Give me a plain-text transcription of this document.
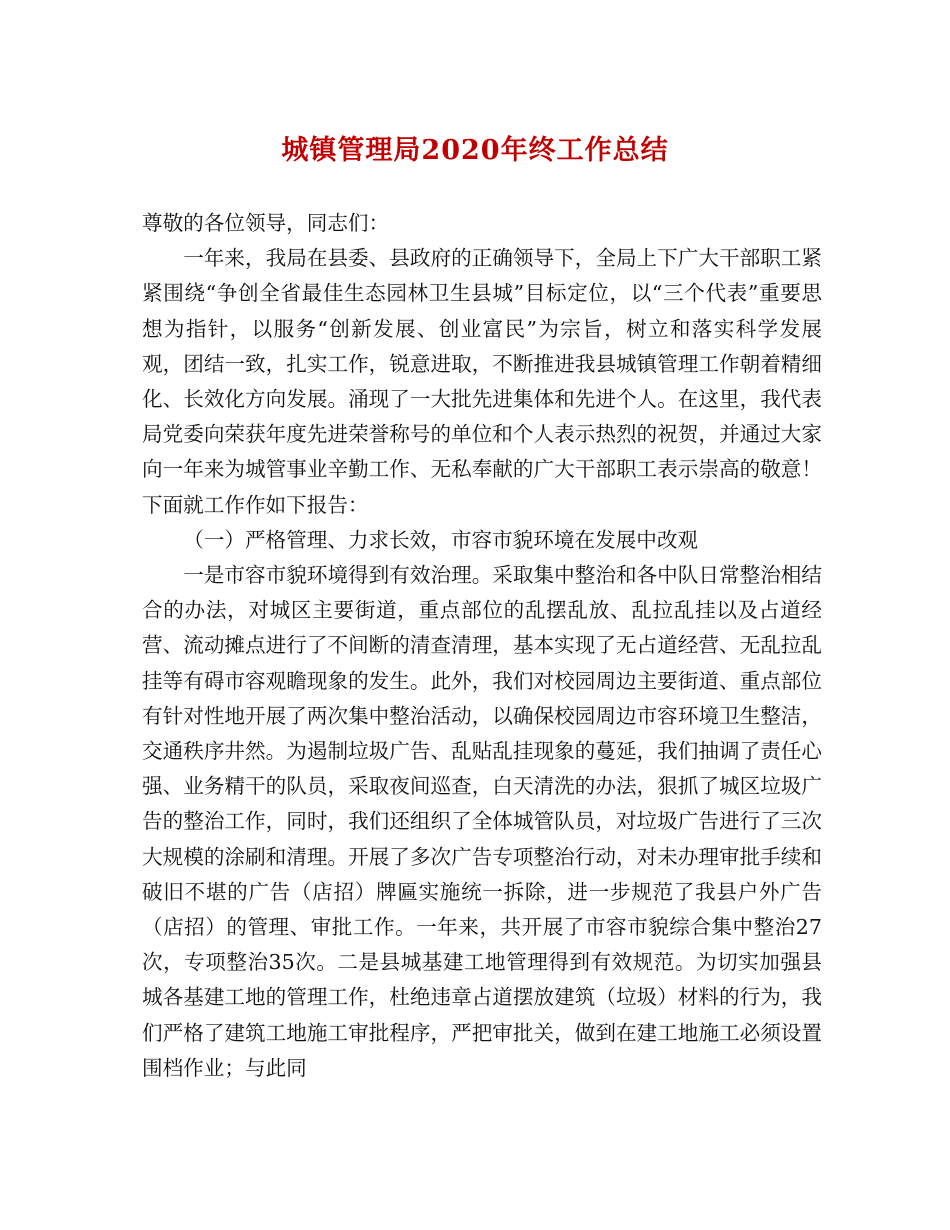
城镇管理局2020年终工作总结

尊敬的各位领导，同志们：

一年来，我局在县委、县政府的正确领导下，全局上下广大干部职工紧紧围绕“争创全省最佳生态园林卫生县城”目标定位，以“三个代表”重要思想为指针，以服务“创新发展、创业富民”为宗旨，树立和落实科学发展观，团结一致，扎实工作，锐意进取，不断推进我县城镇管理工作朝着精细化、长效化方向发展。涌现了一大批先进集体和先进个人。在这里，我代表局党委向荣获年度先进荣誉称号的单位和个人表示热烈的祝贺，并通过大家向一年来为城管事业辛勤工作、无私奉献的广大干部职工表示崇高的敬意！下面就工作作如下报告：

（一）严格管理、力求长效，市容市貌环境在发展中改观

一是市容市貌环境得到有效治理。采取集中整治和各中队日常整治相结合的办法，对城区主要街道，重点部位的乱摆乱放、乱拉乱挂以及占道经营、流动摊点进行了不间断的清查清理，基本实现了无占道经营、无乱拉乱挂等有碍市容观瞻现象的发生。此外，我们对校园周边主要街道、重点部位有针对性地开展了两次集中整治活动，以确保校园周边市容环境卫生整洁，交通秩序井然。为遏制垃圾广告、乱贴乱挂现象的蔓延，我们抽调了责任心强、业务精干的队员，采取夜间巡查，白天清洗的办法，狠抓了城区垃圾广告的整治工作，同时，我们还组织了全体城管队员，对垃圾广告进行了三次大规模的涂刷和清理。开展了多次广告专项整治行动，对未办理审批手续和破旧不堪的广告（店招）牌匾实施统一拆除，进一步规范了我县户外广告（店招）的管理、审批工作。一年来，共开展了市容市貌综合集中整治27次，专项整治35次。二是县城基建工地管理得到有效规范。为切实加强县城各基建工地的管理工作，杜绝违章占道摆放建筑（垃圾）材料的行为，我们严格了建筑工地施工审批程序，严把审批关，做到在建工地施工必须设置围档作业；与此同
